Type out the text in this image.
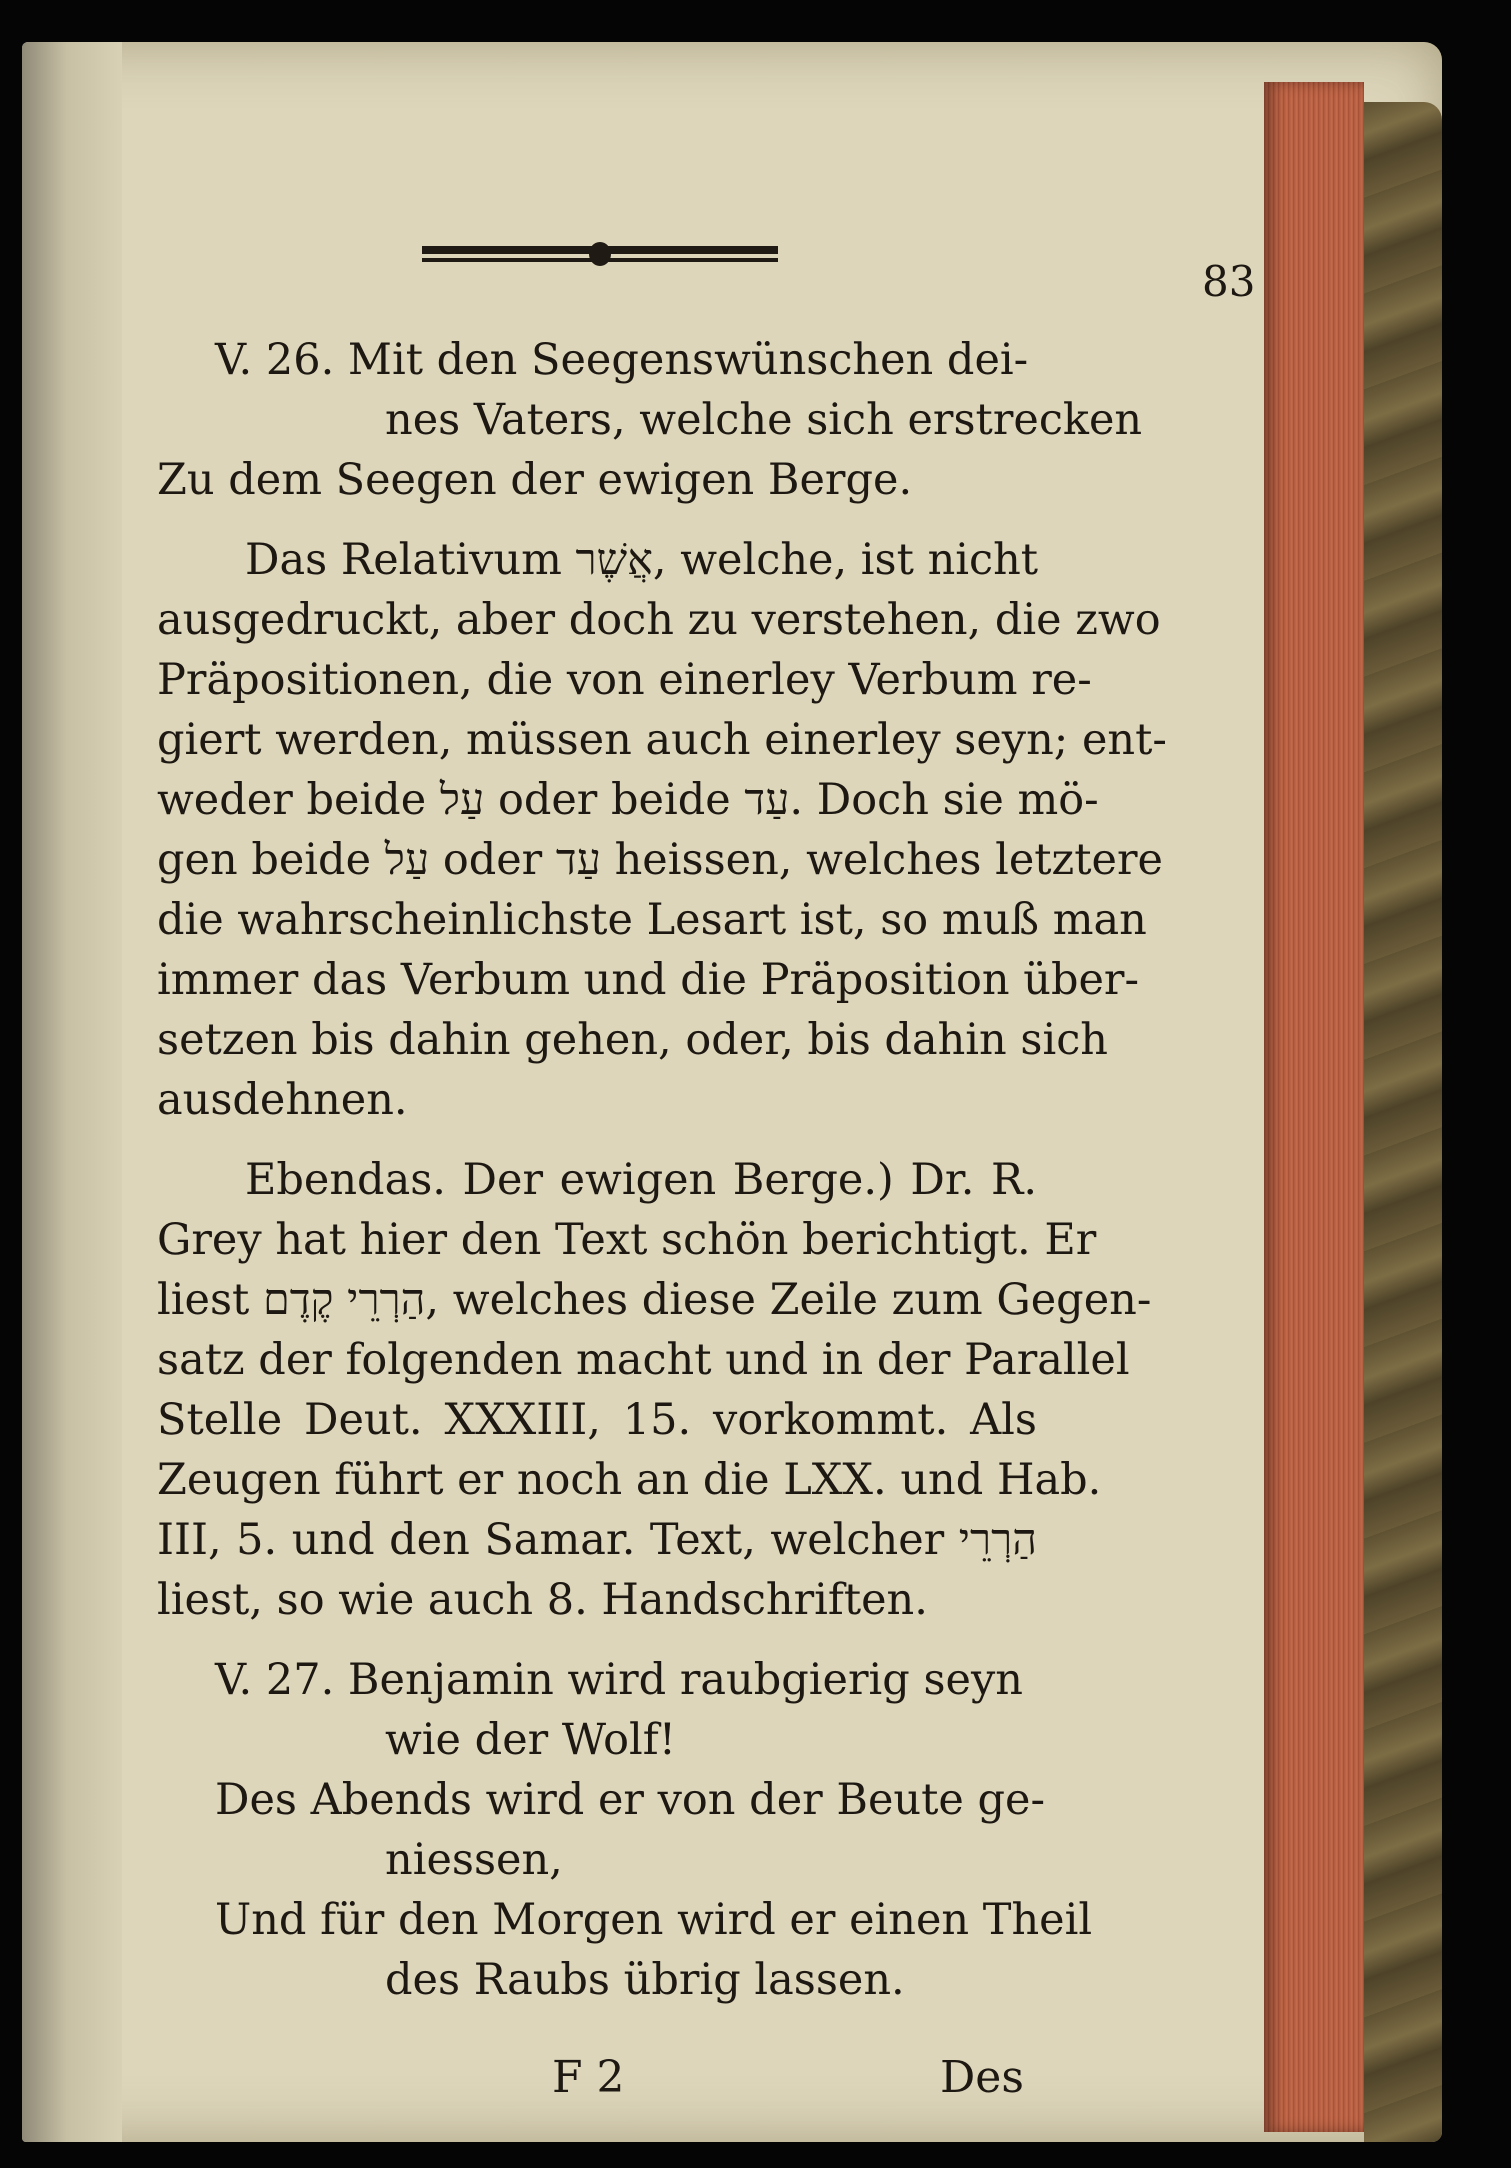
83
V. 26. Mit den Seegenswünschen dei-
nes Vaters, welche sich erstrecken
Zu dem Seegen der ewigen Berge.
Das Relativum אֲשֶׁר, welche, ist nicht
ausgedruckt, aber doch zu verstehen, die zwo
Präpositionen, die von einerley Verbum re-
giert werden, müssen auch einerley seyn; ent-
weder beide עַל oder beide עַד. Doch sie mö-
gen beide עַל oder עַד heissen, welches letztere
die wahrscheinlichste Lesart ist, so muß man
immer das Verbum und die Präposition über-
setzen bis dahin gehen, oder, bis dahin sich
ausdehnen.
Ebendas. Der ewigen Berge.) Dr. R.
Grey hat hier den Text schön berichtigt. Er
liest הַרְרֵי קֶדֶם, welches diese Zeile zum Gegen-
satz der folgenden macht und in der Parallel
Stelle Deut. XXXIII, 15. vorkommt. Als
Zeugen führt er noch an die LXX. und Hab.
III, 5. und den Samar. Text, welcher הַרְרֵי
liest, so wie auch 8. Handschriften.
V. 27. Benjamin wird raubgierig seyn
wie der Wolf!
Des Abends wird er von der Beute ge-
niessen,
Und für den Morgen wird er einen Theil
des Raubs übrig lassen.
F 2	Des
